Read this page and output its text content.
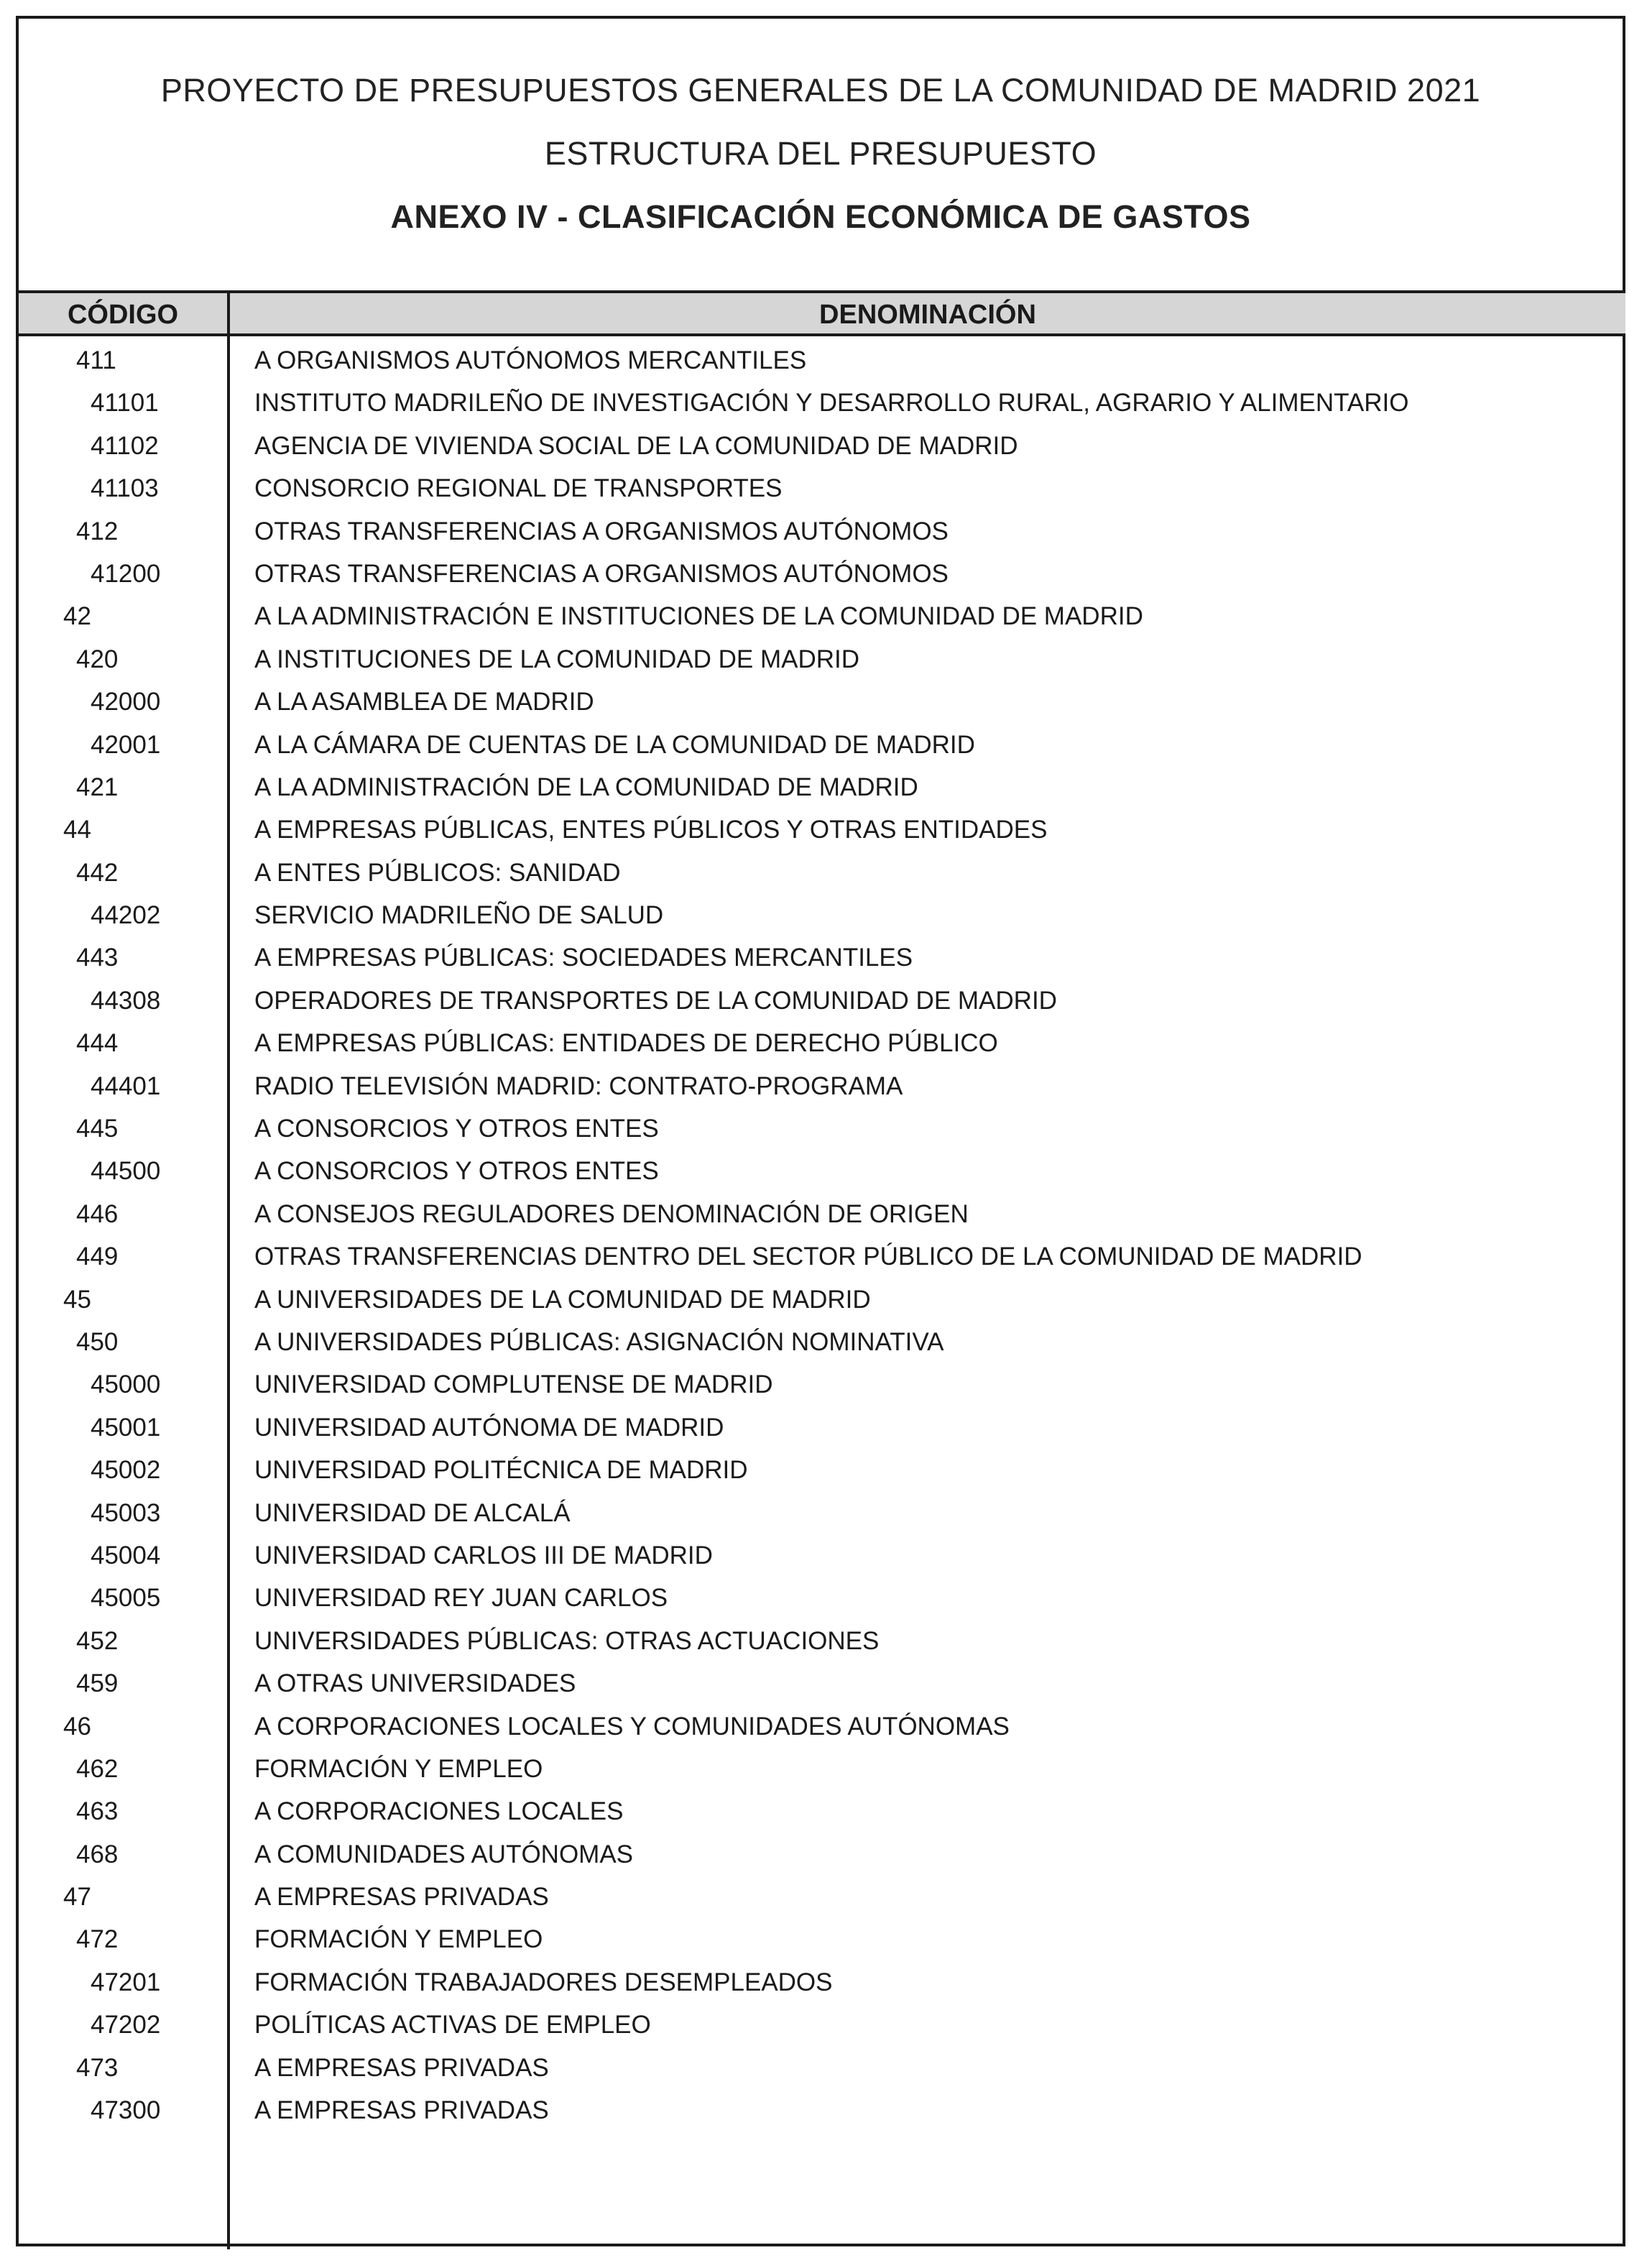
PROYECTO DE PRESUPUESTOS GENERALES DE LA COMUNIDAD DE MADRID 2021
ESTRUCTURA DEL PRESUPUESTO
ANEXO IV - CLASIFICACIÓN ECONÓMICA DE GASTOS
CÓDIGO	DENOMINACIÓN
411	A ORGANISMOS AUTÓNOMOS MERCANTILES
41101	INSTITUTO MADRILEÑO DE INVESTIGACIÓN Y DESARROLLO RURAL, AGRARIO Y ALIMENTARIO
41102	AGENCIA DE VIVIENDA SOCIAL DE LA COMUNIDAD DE MADRID
41103	CONSORCIO REGIONAL DE TRANSPORTES
412	OTRAS TRANSFERENCIAS A ORGANISMOS AUTÓNOMOS
41200	OTRAS TRANSFERENCIAS A ORGANISMOS AUTÓNOMOS
42	A LA ADMINISTRACIÓN E INSTITUCIONES DE LA COMUNIDAD DE MADRID
420	A INSTITUCIONES DE LA COMUNIDAD DE MADRID
42000	A LA ASAMBLEA DE MADRID
42001	A LA CÁMARA DE CUENTAS DE LA COMUNIDAD DE MADRID
421	A LA ADMINISTRACIÓN DE LA COMUNIDAD DE MADRID
44	A EMPRESAS PÚBLICAS, ENTES PÚBLICOS Y OTRAS ENTIDADES
442	A ENTES PÚBLICOS: SANIDAD
44202	SERVICIO MADRILEÑO DE SALUD
443	A EMPRESAS PÚBLICAS: SOCIEDADES MERCANTILES
44308	OPERADORES DE TRANSPORTES DE LA COMUNIDAD DE MADRID
444	A EMPRESAS PÚBLICAS: ENTIDADES DE DERECHO PÚBLICO
44401	RADIO TELEVISIÓN MADRID: CONTRATO-PROGRAMA
445	A CONSORCIOS Y OTROS ENTES
44500	A CONSORCIOS Y OTROS ENTES
446	A CONSEJOS REGULADORES DENOMINACIÓN DE ORIGEN
449	OTRAS TRANSFERENCIAS DENTRO DEL SECTOR PÚBLICO DE LA COMUNIDAD DE MADRID
45	A UNIVERSIDADES DE LA COMUNIDAD DE MADRID
450	A UNIVERSIDADES PÚBLICAS: ASIGNACIÓN NOMINATIVA
45000	UNIVERSIDAD COMPLUTENSE DE MADRID
45001	UNIVERSIDAD AUTÓNOMA DE MADRID
45002	UNIVERSIDAD POLITÉCNICA DE MADRID
45003	UNIVERSIDAD DE ALCALÁ
45004	UNIVERSIDAD CARLOS III DE MADRID
45005	UNIVERSIDAD REY JUAN CARLOS
452	UNIVERSIDADES PÚBLICAS: OTRAS ACTUACIONES
459	A OTRAS UNIVERSIDADES
46	A CORPORACIONES LOCALES Y COMUNIDADES AUTÓNOMAS
462	FORMACIÓN Y EMPLEO
463	A CORPORACIONES LOCALES
468	A COMUNIDADES AUTÓNOMAS
47	A EMPRESAS PRIVADAS
472	FORMACIÓN Y EMPLEO
47201	FORMACIÓN TRABAJADORES DESEMPLEADOS
47202	POLÍTICAS ACTIVAS DE EMPLEO
473	A EMPRESAS PRIVADAS
47300	A EMPRESAS PRIVADAS
